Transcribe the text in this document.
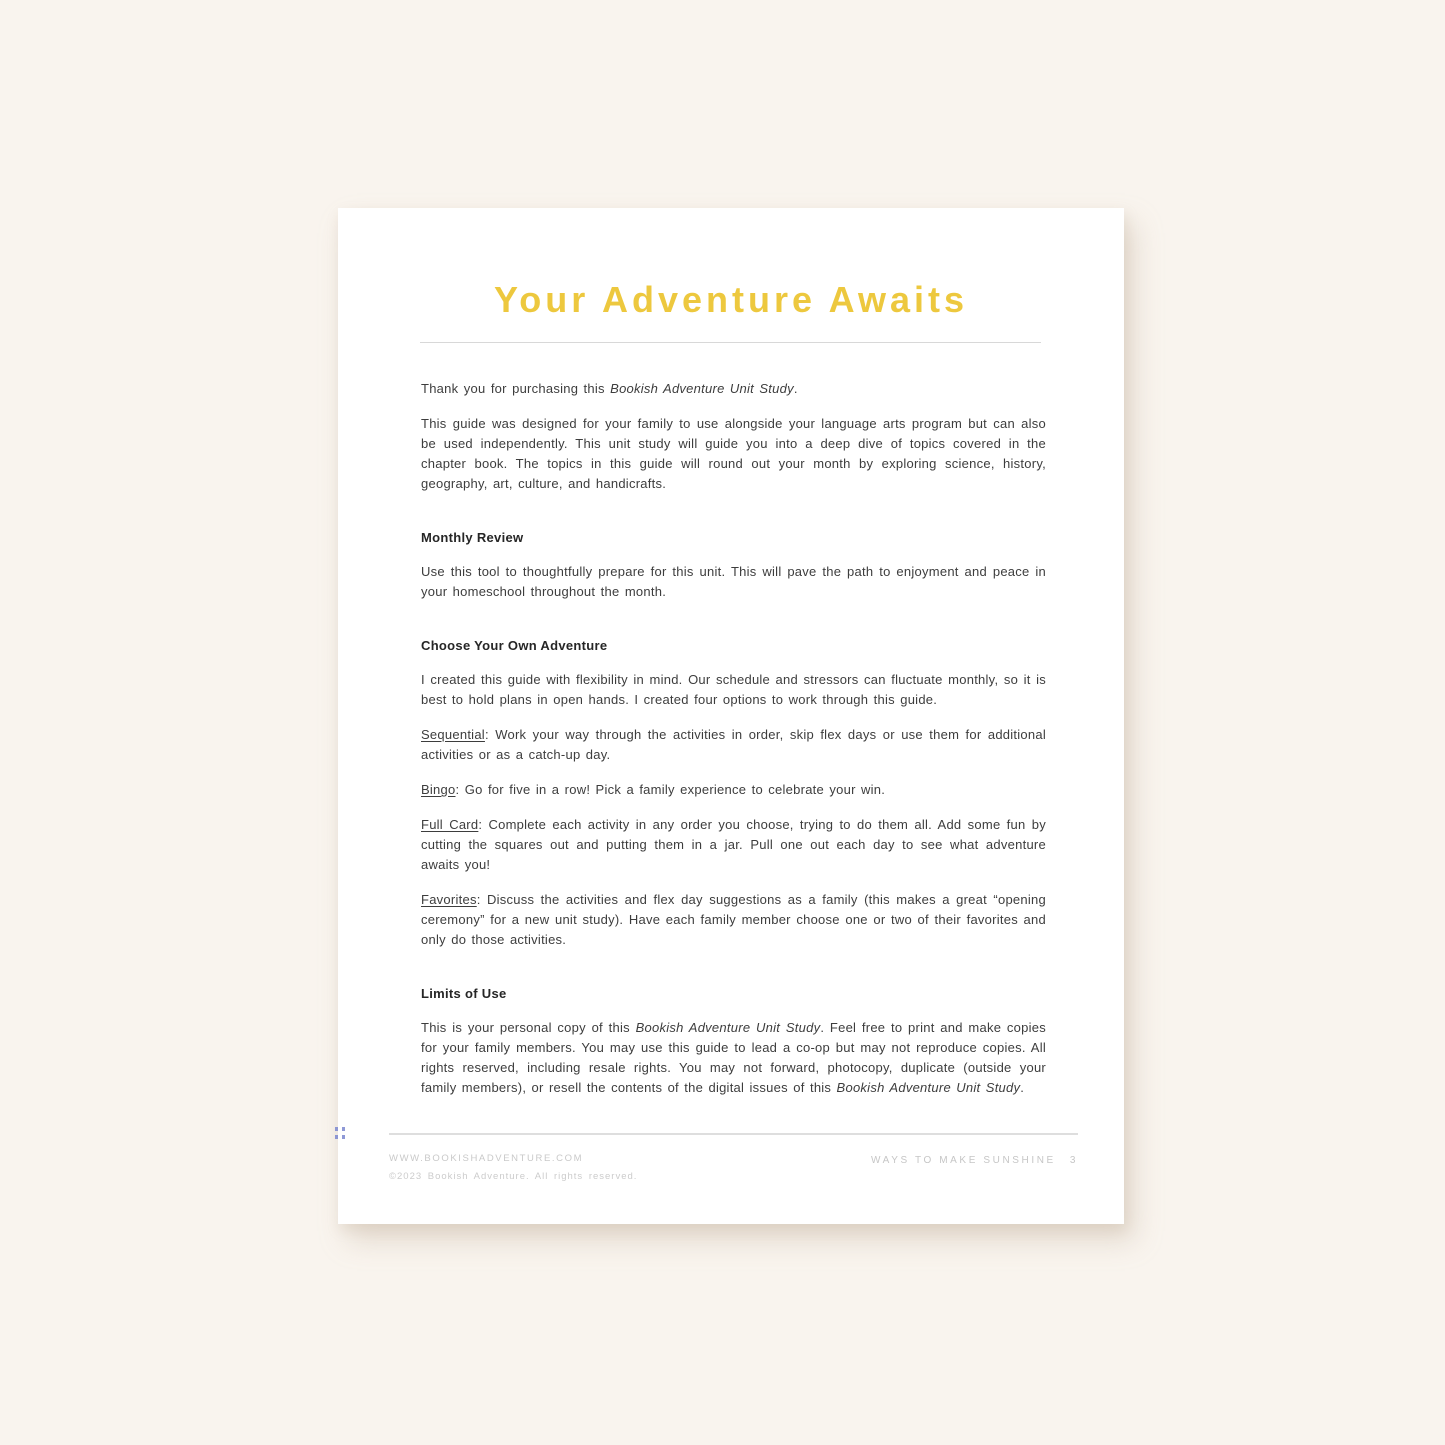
Your Adventure Awaits

Thank you for purchasing this Bookish Adventure Unit Study.

This guide was designed for your family to use alongside your language arts program but can also be used independently. This unit study will guide you into a deep dive of topics covered in the chapter book. The topics in this guide will round out your month by exploring science, history, geography, art, culture, and handicrafts.

Monthly Review

Use this tool to thoughtfully prepare for this unit. This will pave the path to enjoyment and peace in your homeschool throughout the month.

Choose Your Own Adventure

I created this guide with flexibility in mind. Our schedule and stressors can fluctuate monthly, so it is best to hold plans in open hands. I created four options to work through this guide.

Sequential: Work your way through the activities in order, skip flex days or use them for additional activities or as a catch-up day.

Bingo: Go for five in a row! Pick a family experience to celebrate your win.

Full Card: Complete each activity in any order you choose, trying to do them all. Add some fun by cutting the squares out and putting them in a jar. Pull one out each day to see what adventure awaits you!

Favorites: Discuss the activities and flex day suggestions as a family (this makes a great “opening ceremony” for a new unit study). Have each family member choose one or two of their favorites and only do those activities.

Limits of Use

This is your personal copy of this Bookish Adventure Unit Study. Feel free to print and make copies for your family members. You may use this guide to lead a co-op but may not reproduce copies. All rights reserved, including resale rights. You may not forward, photocopy, duplicate (outside your family members), or resell the contents of the digital issues of this Bookish Adventure Unit Study.

WWW.BOOKISHADVENTURE.COM
©2023 Bookish Adventure. All rights reserved.
WAYS TO MAKE SUNSHINE 3
